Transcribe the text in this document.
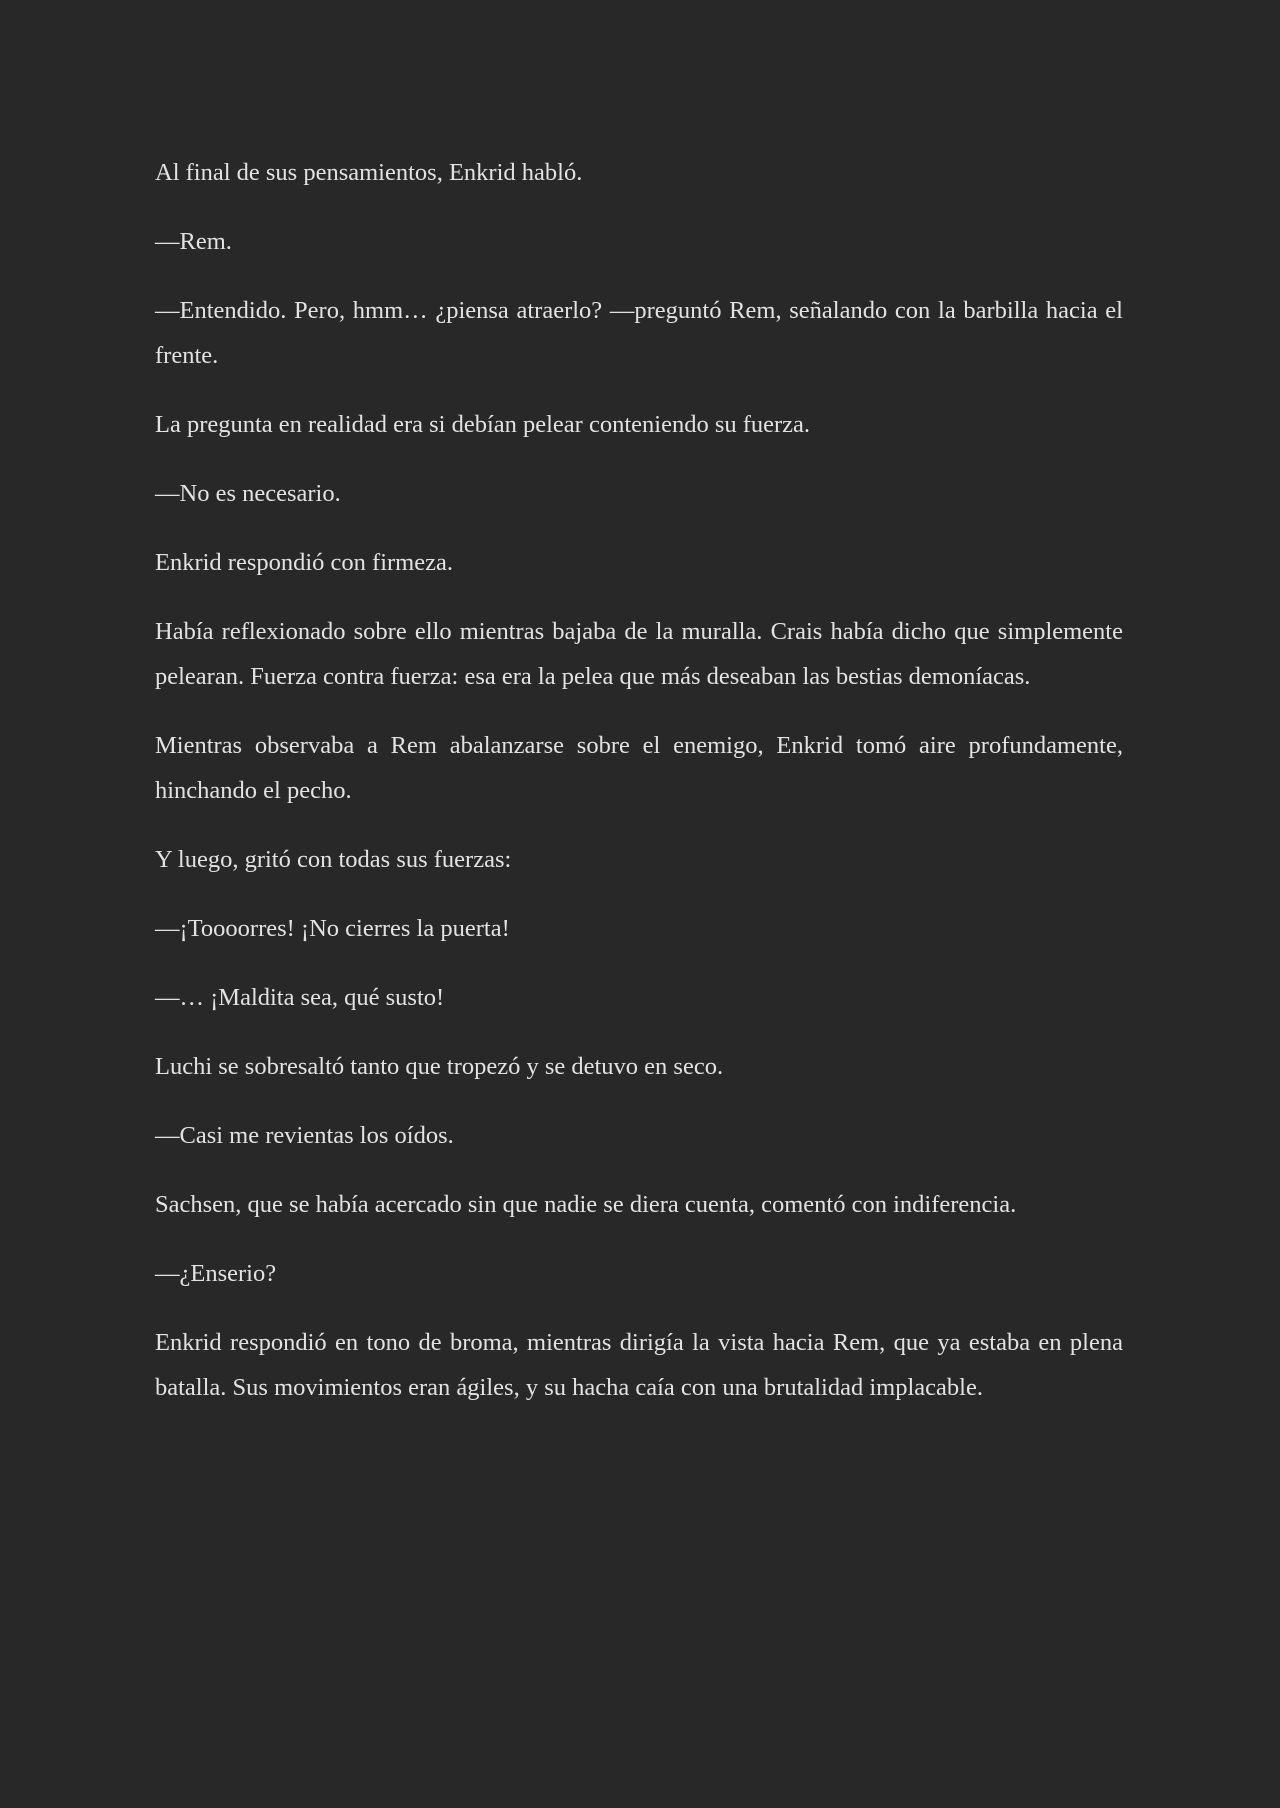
Al final de sus pensamientos, Enkrid habló.

—Rem.

—Entendido. Pero, hmm… ¿piensa atraerlo? —preguntó Rem, señalando con la barbilla hacia el frente.

La pregunta en realidad era si debían pelear conteniendo su fuerza.

—No es necesario.

Enkrid respondió con firmeza.

Había reflexionado sobre ello mientras bajaba de la muralla. Crais había dicho que simplemente pelearan. Fuerza contra fuerza: esa era la pelea que más deseaban las bestias demoníacas.

Mientras observaba a Rem abalanzarse sobre el enemigo, Enkrid tomó aire profundamente, hinchando el pecho.

Y luego, gritó con todas sus fuerzas:

—¡Toooorres! ¡No cierres la puerta!

—… ¡Maldita sea, qué susto!

Luchi se sobresaltó tanto que tropezó y se detuvo en seco.

—Casi me revientas los oídos.

Sachsen, que se había acercado sin que nadie se diera cuenta, comentó con indiferencia.

—¿Enserio?

Enkrid respondió en tono de broma, mientras dirigía la vista hacia Rem, que ya estaba en plena batalla. Sus movimientos eran ágiles, y su hacha caía con una brutalidad implacable.
